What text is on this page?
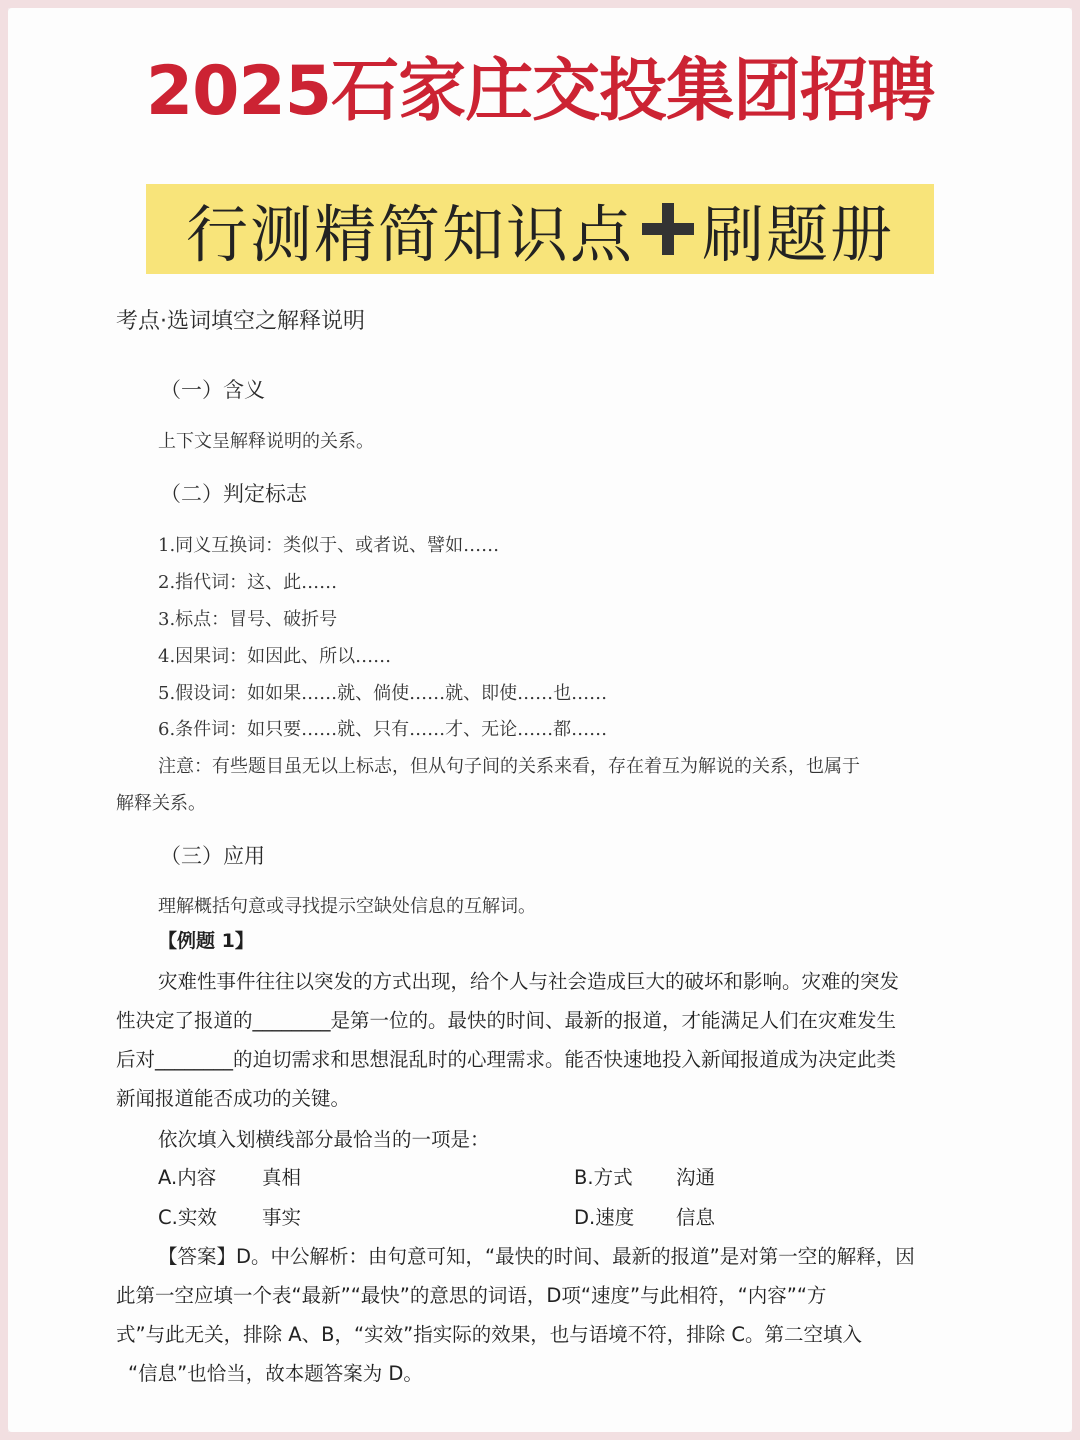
2025石家庄交投集团招聘
行测精简知识点 刷题册
考点·选词填空之解释说明
（一）含义
上下文呈解释说明的关系。
（二）判定标志
1.同义互换词：类似于、或者说、譬如……
2.指代词：这、此……
3.标点：冒号、破折号
4.因果词：如因此、所以……
5.假设词：如如果……就、倘使……就、即使……也……
6.条件词：如只要……就、只有……才、无论……都……
注意：有些题目虽无以上标志，但从句子间的关系来看，存在着互为解说的关系，也属于
解释关系。
（三）应用
理解概括句意或寻找提示空缺处信息的互解词。
【例题 1】
灾难性事件往往以突发的方式出现，给个人与社会造成巨大的破坏和影响。灾难的突发
性决定了报道的________是第一位的。最快的时间、最新的报道，才能满足人们在灾难发生
后对________的迫切需求和思想混乱时的心理需求。能否快速地投入新闻报道成为决定此类
新闻报道能否成功的关键。
依次填入划横线部分最恰当的一项是：
A.内容 真相	B.方式 沟通
C.实效 事实	D.速度 信息
【答案】D。中公解析：由句意可知，“最快的时间、最新的报道”是对第一空的解释，因
此第一空应填一个表“最新”“最快”的意思的词语，D项“速度”与此相符，“内容”“方
式”与此无关，排除 A、B，“实效”指实际的效果，也与语境不符，排除 C。第二空填入
“信息”也恰当，故本题答案为 D。
